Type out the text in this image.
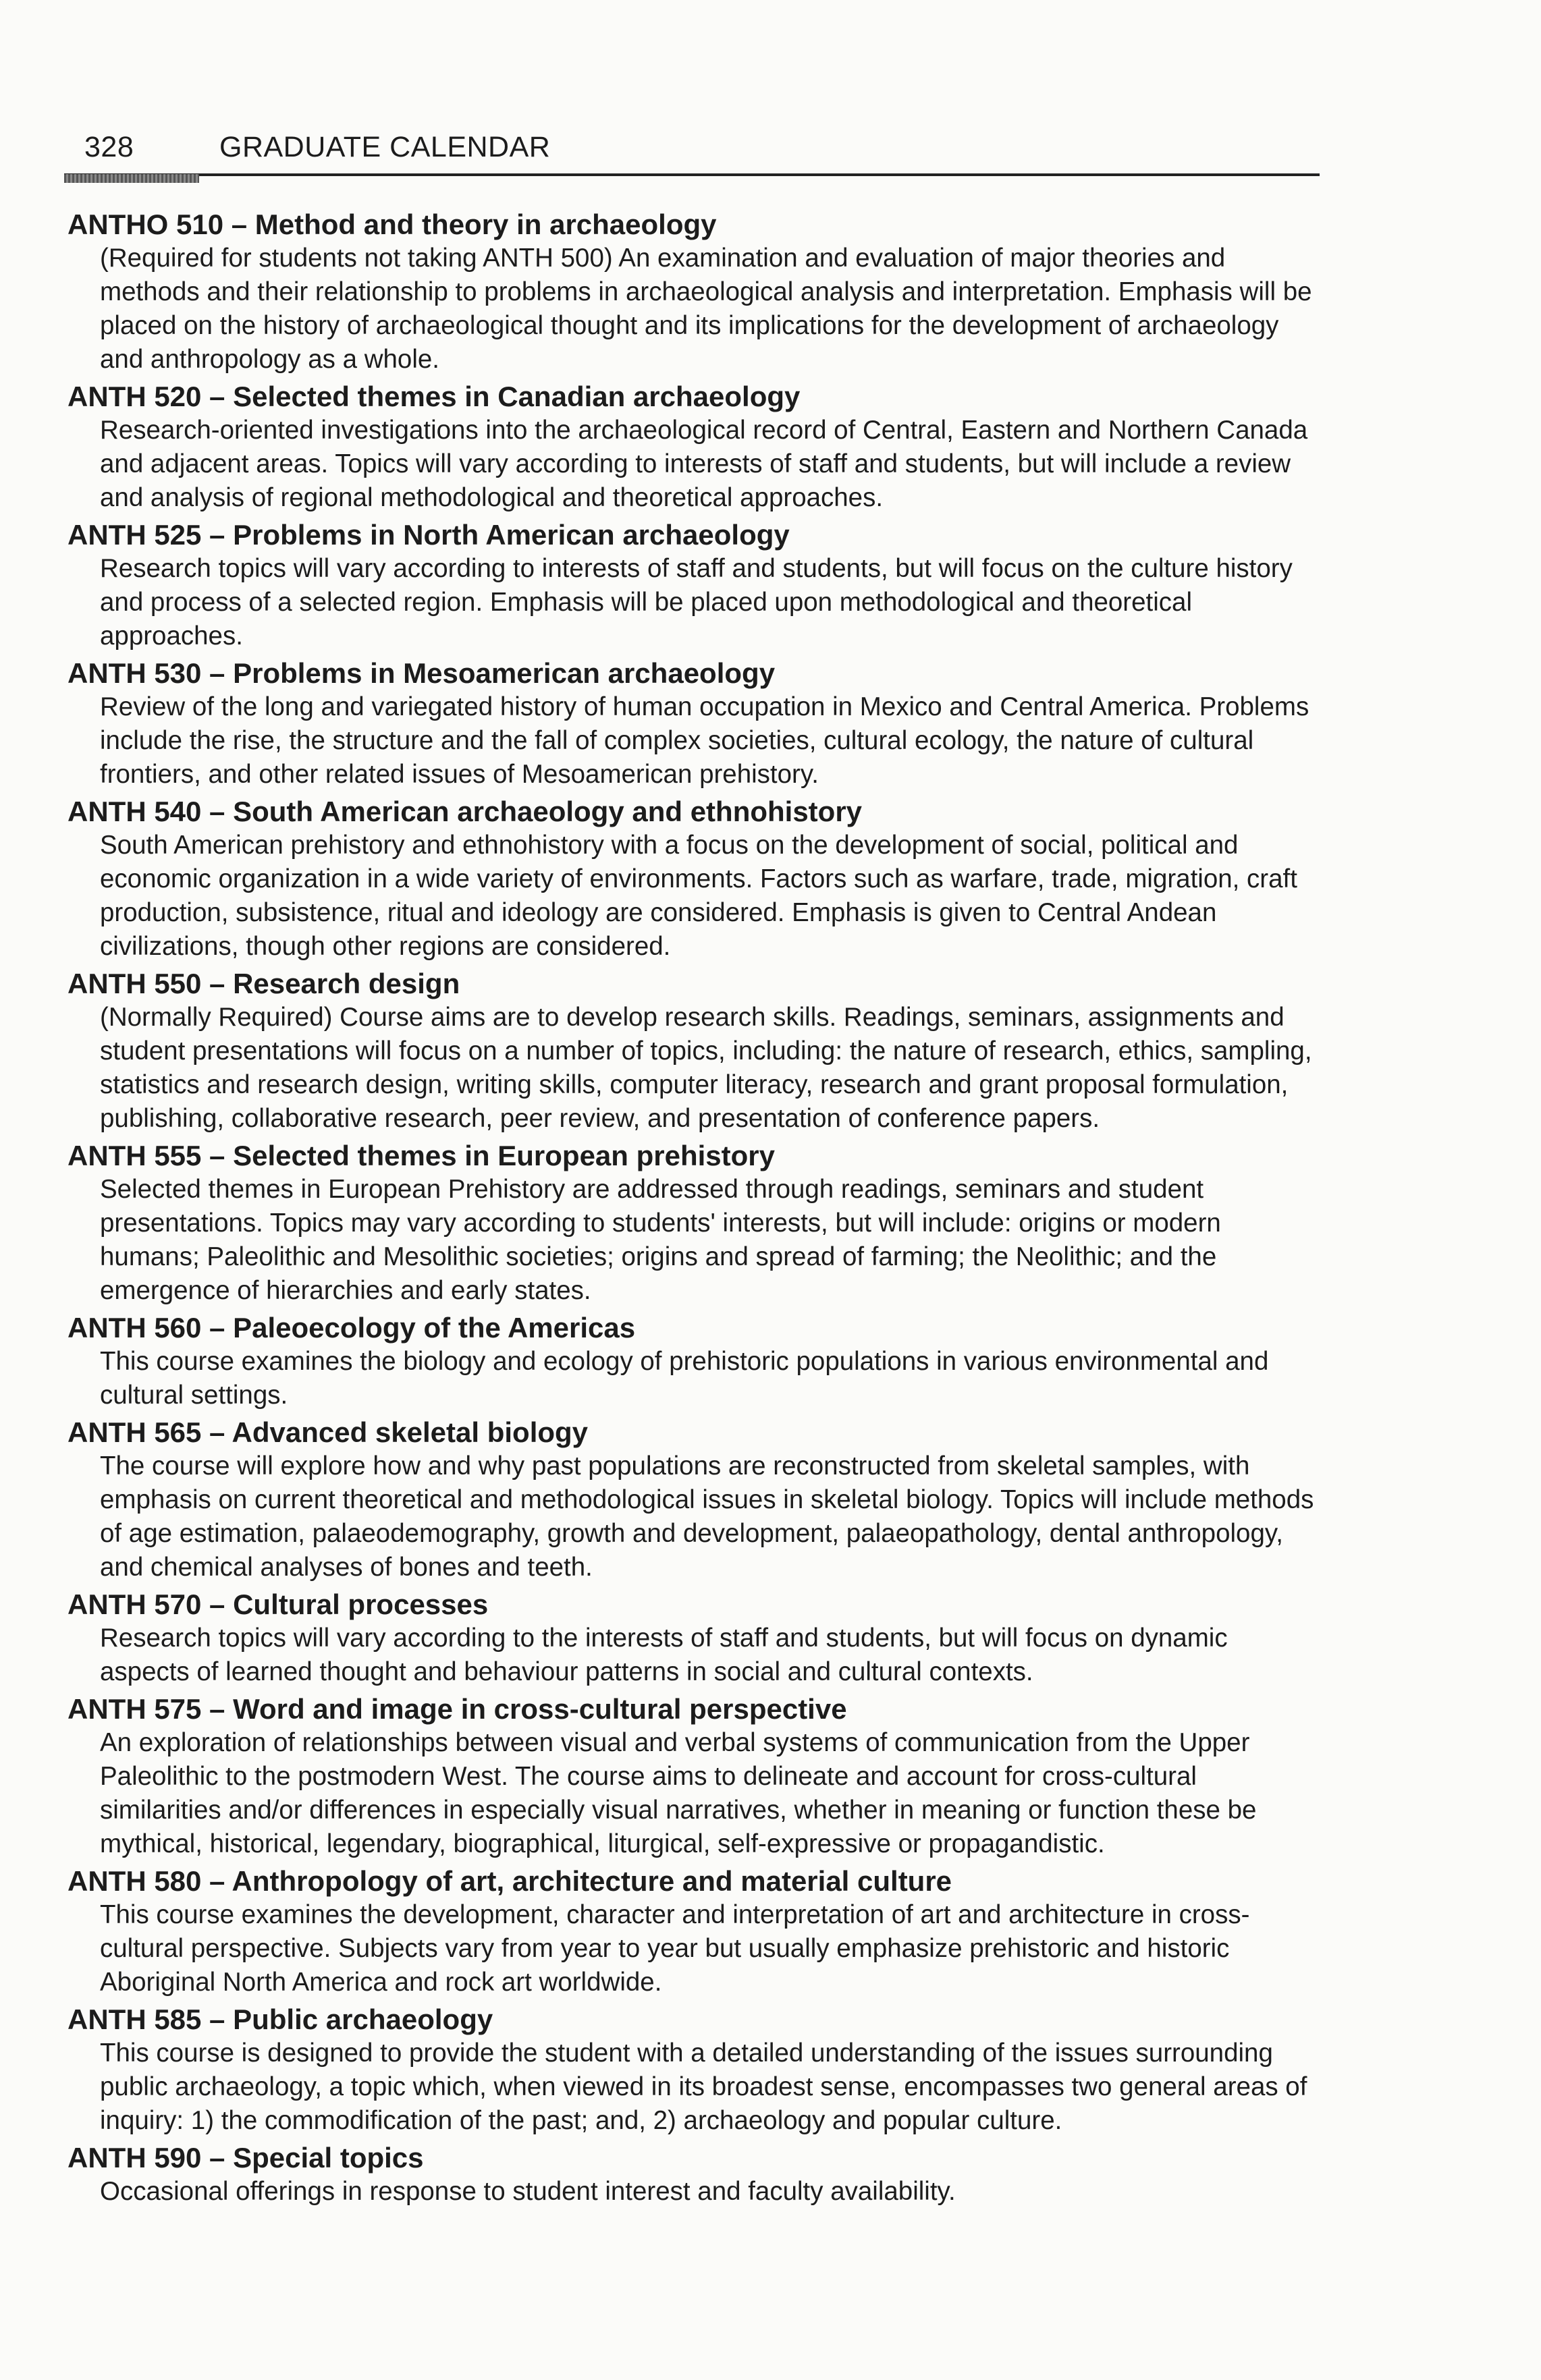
328	GRADUATE CALENDAR
ANTHO 510 – Method and theory in archaeology
(Required for students not taking ANTH 500) An examination and evaluation of major theories and methods and their relationship to problems in archaeological analysis and interpretation. Emphasis will be placed on the history of archaeological thought and its implications for the development of archaeology and anthropology as a whole.
ANTH 520 – Selected themes in Canadian archaeology
Research-oriented investigations into the archaeological record of Central, Eastern and Northern Canada and adjacent areas. Topics will vary according to interests of staff and students, but will include a review and analysis of regional methodological and theoretical approaches.
ANTH 525 – Problems in North American archaeology
Research topics will vary according to interests of staff and students, but will focus on the culture history and process of a selected region. Emphasis will be placed upon methodological and theoretical approaches.
ANTH 530 – Problems in Mesoamerican archaeology
Review of the long and variegated history of human occupation in Mexico and Central America. Problems include the rise, the structure and the fall of complex societies, cultural ecology, the nature of cultural frontiers, and other related issues of Mesoamerican prehistory.
ANTH 540 – South American archaeology and ethnohistory
South American prehistory and ethnohistory with a focus on the development of social, political and economic organization in a wide variety of environments. Factors such as warfare, trade, migration, craft production, subsistence, ritual and ideology are considered. Emphasis is given to Central Andean civilizations, though other regions are considered.
ANTH 550 – Research design
(Normally Required) Course aims are to develop research skills. Readings, seminars, assignments and student presentations will focus on a number of topics, including: the nature of research, ethics, sampling, statistics and research design, writing skills, computer literacy, research and grant proposal formulation, publishing, collaborative research, peer review, and presentation of conference papers.
ANTH 555 – Selected themes in European prehistory
Selected themes in European Prehistory are addressed through readings, seminars and student presentations. Topics may vary according to students' interests, but will include: origins or modern humans; Paleolithic and Mesolithic societies; origins and spread of farming; the Neolithic; and the emergence of hierarchies and early states.
ANTH 560 – Paleoecology of the Americas
This course examines the biology and ecology of prehistoric populations in various environmental and cultural settings.
ANTH 565 – Advanced skeletal biology
The course will explore how and why past populations are reconstructed from skeletal samples, with emphasis on current theoretical and methodological issues in skeletal biology. Topics will include methods of age estimation, palaeodemography, growth and development, palaeopathology, dental anthropology, and chemical analyses of bones and teeth.
ANTH 570 – Cultural processes
Research topics will vary according to the interests of staff and students, but will focus on dynamic aspects of learned thought and behaviour patterns in social and cultural contexts.
ANTH 575 – Word and image in cross-cultural perspective
An exploration of relationships between visual and verbal systems of communication from the Upper Paleolithic to the postmodern West. The course aims to delineate and account for cross-cultural similarities and/or differences in especially visual narratives, whether in meaning or function these be mythical, historical, legendary, biographical, liturgical, self-expressive or propagandistic.
ANTH 580 – Anthropology of art, architecture and material culture
This course examines the development, character and interpretation of art and architecture in cross-cultural perspective. Subjects vary from year to year but usually emphasize prehistoric and historic Aboriginal North America and rock art worldwide.
ANTH 585 – Public archaeology
This course is designed to provide the student with a detailed understanding of the issues surrounding public archaeology, a topic which, when viewed in its broadest sense, encompasses two general areas of inquiry: 1) the commodification of the past; and, 2) archaeology and popular culture.
ANTH 590 – Special topics
Occasional offerings in response to student interest and faculty availability.
